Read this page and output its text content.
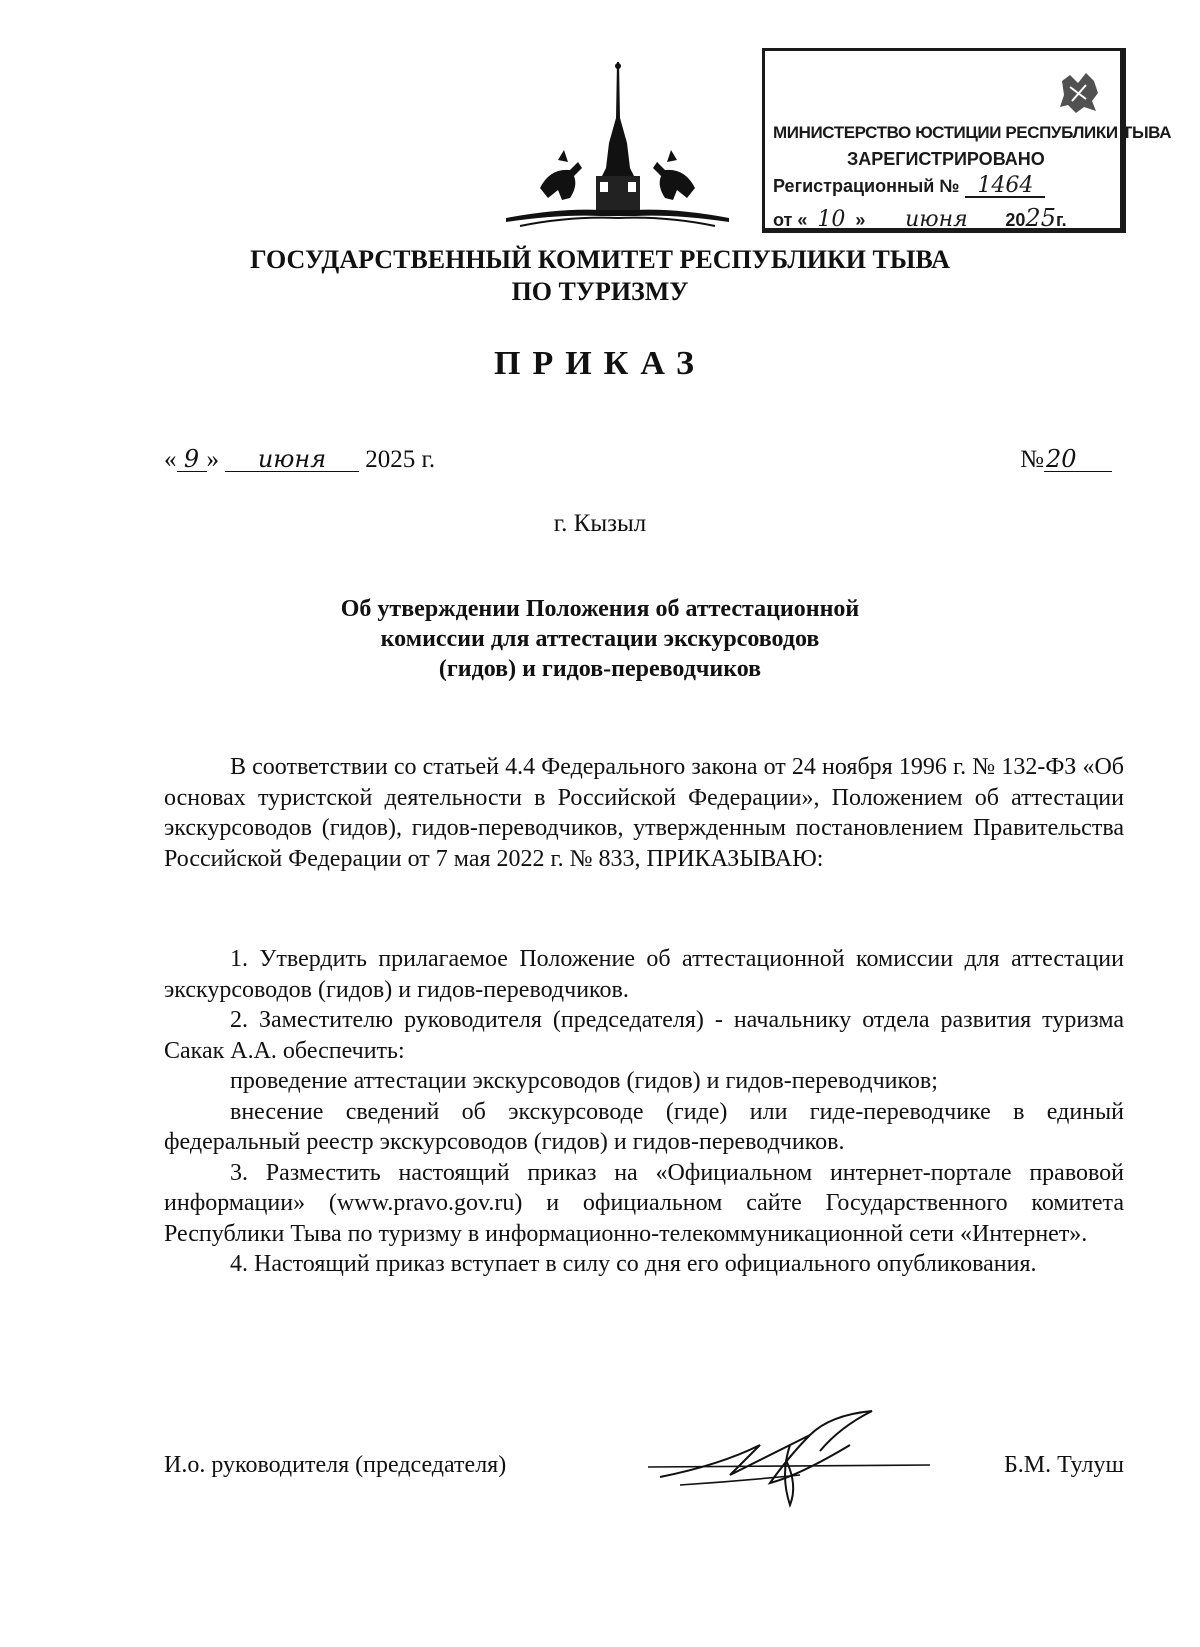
МИНИСТЕРСТВО ЮСТИЦИИ РЕСПУБЛИКИ ТЫВА
ЗАРЕГИСТРИРОВАНО
Регистрационный № 1464
от « 10 » июня 2025г.
ГОСУДАРСТВЕННЫЙ КОМИТЕТ РЕСПУБЛИКИ ТЫВА
ПО ТУРИЗМУ
ПРИКАЗ
« 9 » июня 2025 г.	№20
г. Кызыл
Об утверждении Положения об аттестационной
комиссии для аттестации экскурсоводов
(гидов) и гидов-переводчиков

В соответствии со статьей 4.4 Федерального закона от 24 ноября 1996 г. № 132-ФЗ «Об основах туристской деятельности в Российской Федерации», Положением об аттестации экскурсоводов (гидов), гидов-переводчиков, утвержденным постановлением Правительства Российской Федерации от 7 мая 2022 г. № 833, ПРИКАЗЫВАЮ:

1. Утвердить прилагаемое Положение об аттестационной комиссии для аттестации экскурсоводов (гидов) и гидов-переводчиков.

2. Заместителю руководителя (председателя) - начальнику отдела развития туризма Сакак А.А. обеспечить:

проведение аттестации экскурсоводов (гидов) и гидов-переводчиков;

внесение сведений об экскурсоводе (гиде) или гиде-переводчике в единый федеральный реестр экскурсоводов (гидов) и гидов-переводчиков.

3. Разместить настоящий приказ на «Официальном интернет-портале правовой информации» (www.pravo.gov.ru) и официальном сайте Государственного комитета Республики Тыва по туризму в информационно-телекоммуникационной сети «Интернет».

4. Настоящий приказ вступает в силу со дня его официального опубликования.

И.о. руководителя (председателя)	Б.М. Тулуш
